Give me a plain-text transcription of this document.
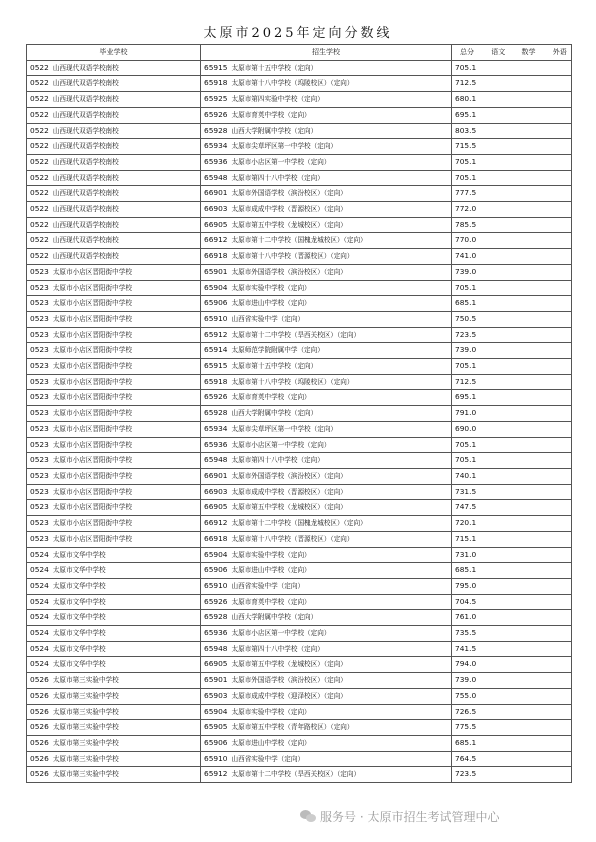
太原市2025年定向分数线
毕业学校	招生学校	总分 语文 数学 外语
0522 山西现代双语学校南校	65915 太原市第十五中学校（定向）	705.1
0522 山西现代双语学校南校	65918 太原市第十八中学校（坞陵校区）（定向）	712.5
0522 山西现代双语学校南校	65925 太原市第四实验中学校（定向）	680.1
0522 山西现代双语学校南校	65926 太原市育英中学校（定向）	695.1
0522 山西现代双语学校南校	65928 山西大学附属中学校（定向）	803.5
0522 山西现代双语学校南校	65934 太原市尖草坪区第一中学校（定向）	715.5
0522 山西现代双语学校南校	65936 太原市小店区第一中学校（定向）	705.1
0522 山西现代双语学校南校	65948 太原市第四十八中学校（定向）	705.1
0522 山西现代双语学校南校	66901 太原市外国语学校（滨汾校区）（定向）	777.5
0522 山西现代双语学校南校	66903 太原市成成中学校（晋源校区）（定向）	772.0
0522 山西现代双语学校南校	66905 太原市第五中学校（龙城校区）（定向）	785.5
0522 山西现代双语学校南校	66912 太原市第十二中学校（国槐龙城校区）（定向）	770.0
0522 山西现代双语学校南校	66918 太原市第十八中学校（晋源校区）（定向）	741.0
0523 太原市小店区晋阳街中学校	65901 太原市外国语学校（滨汾校区）（定向）	739.0
0523 太原市小店区晋阳街中学校	65904 太原市实验中学校（定向）	705.1
0523 太原市小店区晋阳街中学校	65906 太原市进山中学校（定向）	685.1
0523 太原市小店区晋阳街中学校	65910 山西省实验中学（定向）	750.5
0523 太原市小店区晋阳街中学校	65912 太原市第十二中学校（旱西关校区）（定向）	723.5
0523 太原市小店区晋阳街中学校	65914 太原师范学院附属中学（定向）	739.0
0523 太原市小店区晋阳街中学校	65915 太原市第十五中学校（定向）	705.1
0523 太原市小店区晋阳街中学校	65918 太原市第十八中学校（坞陵校区）（定向）	712.5
0523 太原市小店区晋阳街中学校	65926 太原市育英中学校（定向）	695.1
0523 太原市小店区晋阳街中学校	65928 山西大学附属中学校（定向）	791.0
0523 太原市小店区晋阳街中学校	65934 太原市尖草坪区第一中学校（定向）	690.0
0523 太原市小店区晋阳街中学校	65936 太原市小店区第一中学校（定向）	705.1
0523 太原市小店区晋阳街中学校	65948 太原市第四十八中学校（定向）	705.1
0523 太原市小店区晋阳街中学校	66901 太原市外国语学校（滨汾校区）（定向）	740.1
0523 太原市小店区晋阳街中学校	66903 太原市成成中学校（晋源校区）（定向）	731.5
0523 太原市小店区晋阳街中学校	66905 太原市第五中学校（龙城校区）（定向）	747.5
0523 太原市小店区晋阳街中学校	66912 太原市第十二中学校（国槐龙城校区）（定向）	720.1
0523 太原市小店区晋阳街中学校	66918 太原市第十八中学校（晋源校区）（定向）	715.1
0524 太原市文华中学校	65904 太原市实验中学校（定向）	731.0
0524 太原市文华中学校	65906 太原市进山中学校（定向）	685.1
0524 太原市文华中学校	65910 山西省实验中学（定向）	795.0
0524 太原市文华中学校	65926 太原市育英中学校（定向）	704.5
0524 太原市文华中学校	65928 山西大学附属中学校（定向）	761.0
0524 太原市文华中学校	65936 太原市小店区第一中学校（定向）	735.5
0524 太原市文华中学校	65948 太原市第四十八中学校（定向）	741.5
0524 太原市文华中学校	66905 太原市第五中学校（龙城校区）（定向）	794.0
0526 太原市第三实验中学校	65901 太原市外国语学校（滨汾校区）（定向）	739.0
0526 太原市第三实验中学校	65903 太原市成成中学校（迎泽校区）（定向）	755.0
0526 太原市第三实验中学校	65904 太原市实验中学校（定向）	726.5
0526 太原市第三实验中学校	65905 太原市第五中学校（青年路校区）（定向）	775.5
0526 太原市第三实验中学校	65906 太原市进山中学校（定向）	685.1
0526 太原市第三实验中学校	65910 山西省实验中学（定向）	764.5
0526 太原市第三实验中学校	65912 太原市第十二中学校（旱西关校区）（定向）	723.5
服务号 · 太原市招生考试管理中心
